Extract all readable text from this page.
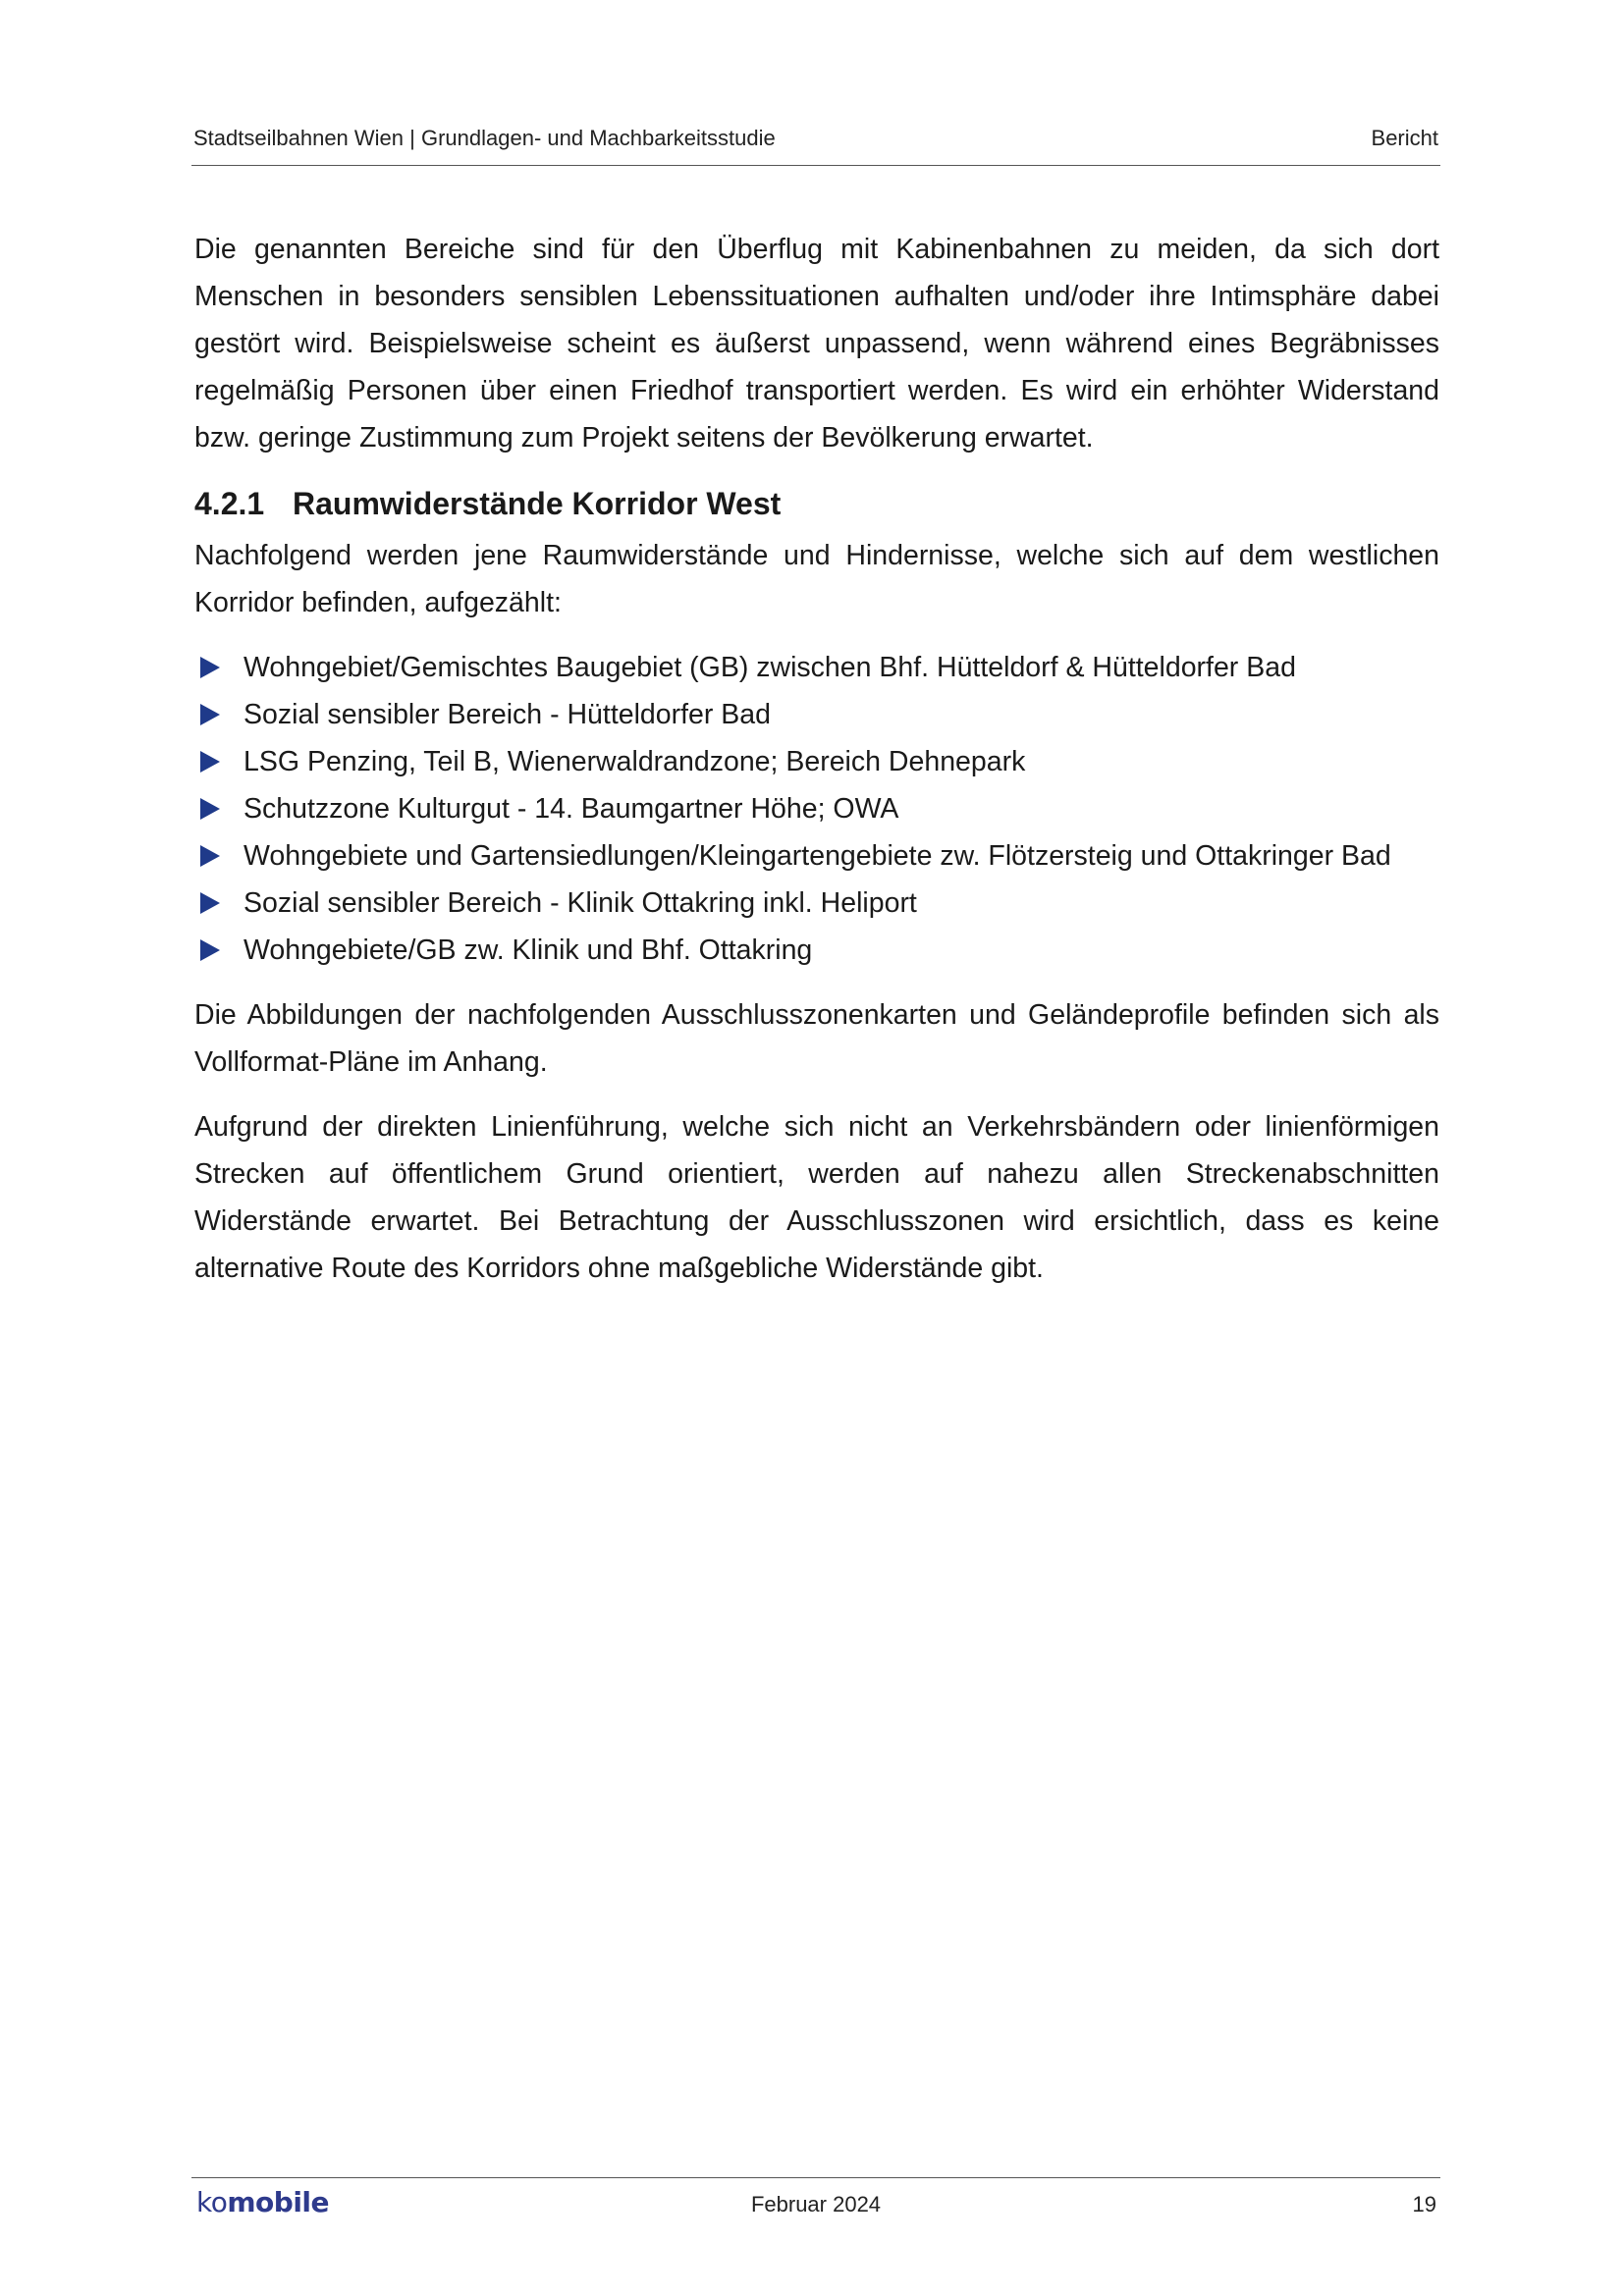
Stadtseilbahnen Wien | Grundlagen- und Machbarkeitsstudie	Bericht

Die genannten Bereiche sind für den Überflug mit Kabinenbahnen zu meiden, da sich dort Menschen in besonders sensiblen Lebenssituationen aufhalten und/oder ihre Intimsphäre dabei gestört wird. Beispielsweise scheint es äußerst unpassend, wenn während eines Begräbnisses regelmäßig Personen über einen Friedhof transportiert werden. Es wird ein erhöhter Widerstand bzw. geringe Zustimmung zum Projekt seitens der Bevölkerung erwartet.

4.2.1 Raumwiderstände Korridor West

Nachfolgend werden jene Raumwiderstände und Hindernisse, welche sich auf dem westlichen Korridor befinden, aufgezählt:

Wohngebiet/Gemischtes Baugebiet (GB) zwischen Bhf. Hütteldorf & Hütteldorfer Bad
Sozial sensibler Bereich - Hütteldorfer Bad
LSG Penzing, Teil B, Wienerwaldrandzone; Bereich Dehnepark
Schutzzone Kulturgut - 14. Baumgartner Höhe; OWA
Wohngebiete und Gartensiedlungen/Kleingartengebiete zw. Flötzersteig und Ottakringer Bad
Sozial sensibler Bereich - Klinik Ottakring inkl. Heliport
Wohngebiete/GB zw. Klinik und Bhf. Ottakring

Die Abbildungen der nachfolgenden Ausschlusszonenkarten und Geländeprofile befinden sich als Vollformat-Pläne im Anhang.

Aufgrund der direkten Linienführung, welche sich nicht an Verkehrsbändern oder linienförmigen Strecken auf öffentlichem Grund orientiert, werden auf nahezu allen Streckenabschnitten Widerstände erwartet. Bei Betrachtung der Ausschlusszonen wird ersichtlich, dass es keine alternative Route des Korridors ohne maßgebliche Widerstände gibt.

komobile	Februar 2024	19
